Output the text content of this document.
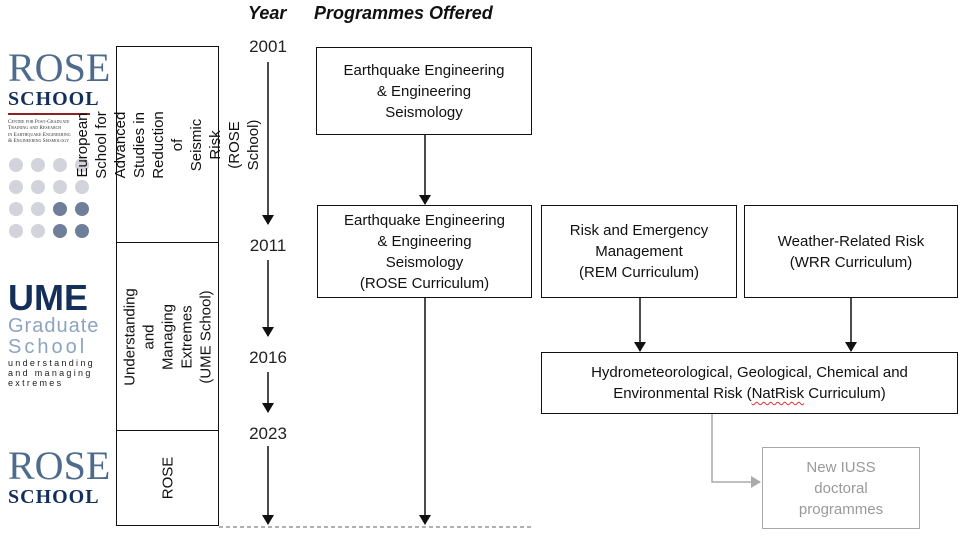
Year Programmes Offered
ROSE
SCHOOL
Centre for Post-Graduate
Training and Research
in Earthquake Engineering
& Engineering Seismology
UME
Graduate
School
understanding
and managing
extremes
ROSE
SCHOOL
European School for
Advanced Studies in
Reduction of Seismic
Risk (ROSE School)
Understanding and
Managing Extremes
(UME School)
ROSE
2001
2011
2016
2023
Earthquake Engineering
& Engineering
Seismology
Earthquake Engineering
& Engineering
Seismology
(ROSE Curriculum)
Risk and Emergency
Management
(REM Curriculum)
Weather-Related Risk
(WRR Curriculum)
Hydrometeorological, Geological, Chemical and
Environmental Risk (NatRisk Curriculum)
New IUSS
doctoral
programmes
